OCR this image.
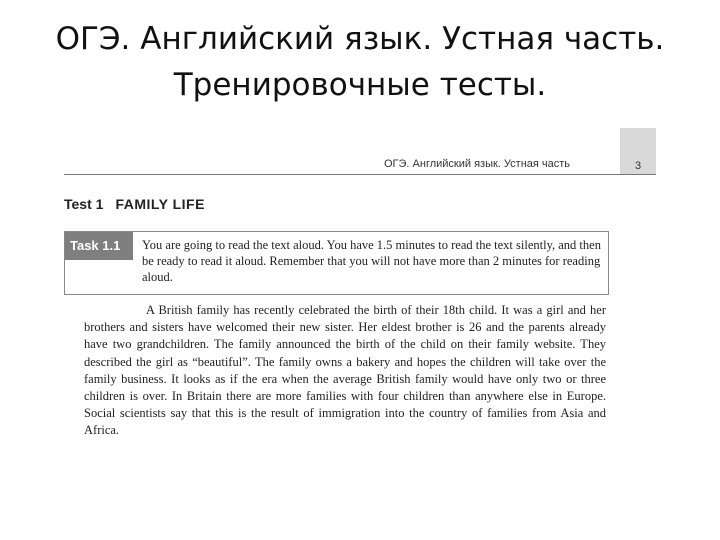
ОГЭ. Английский язык. Устная часть.
Тренировочные тесты.
ОГЭ. Английский язык. Устная часть	3
Test 1 FAMILY LIFE
Task 1.1	You are going to read the text aloud. You have 1.5 minutes to read the text silently, and then be ready to read it aloud. Remember that you will not have more than 2 minutes for reading aloud.

A British family has recently celebrated the birth of their 18th child. It was a girl and her brothers and sisters have welcomed their new sister. Her eldest brother is 26 and the parents already have two grandchildren. The family announced the birth of the child on their family website. They described the girl as “beautiful”. The family owns a bakery and hopes the children will take over the family business. It looks as if the era when the average British family would have only two or three children is over. In Britain there are more families with four children than anywhere else in Europe. Social scientists say that this is the result of immigration into the country of families from Asia and Africa.
